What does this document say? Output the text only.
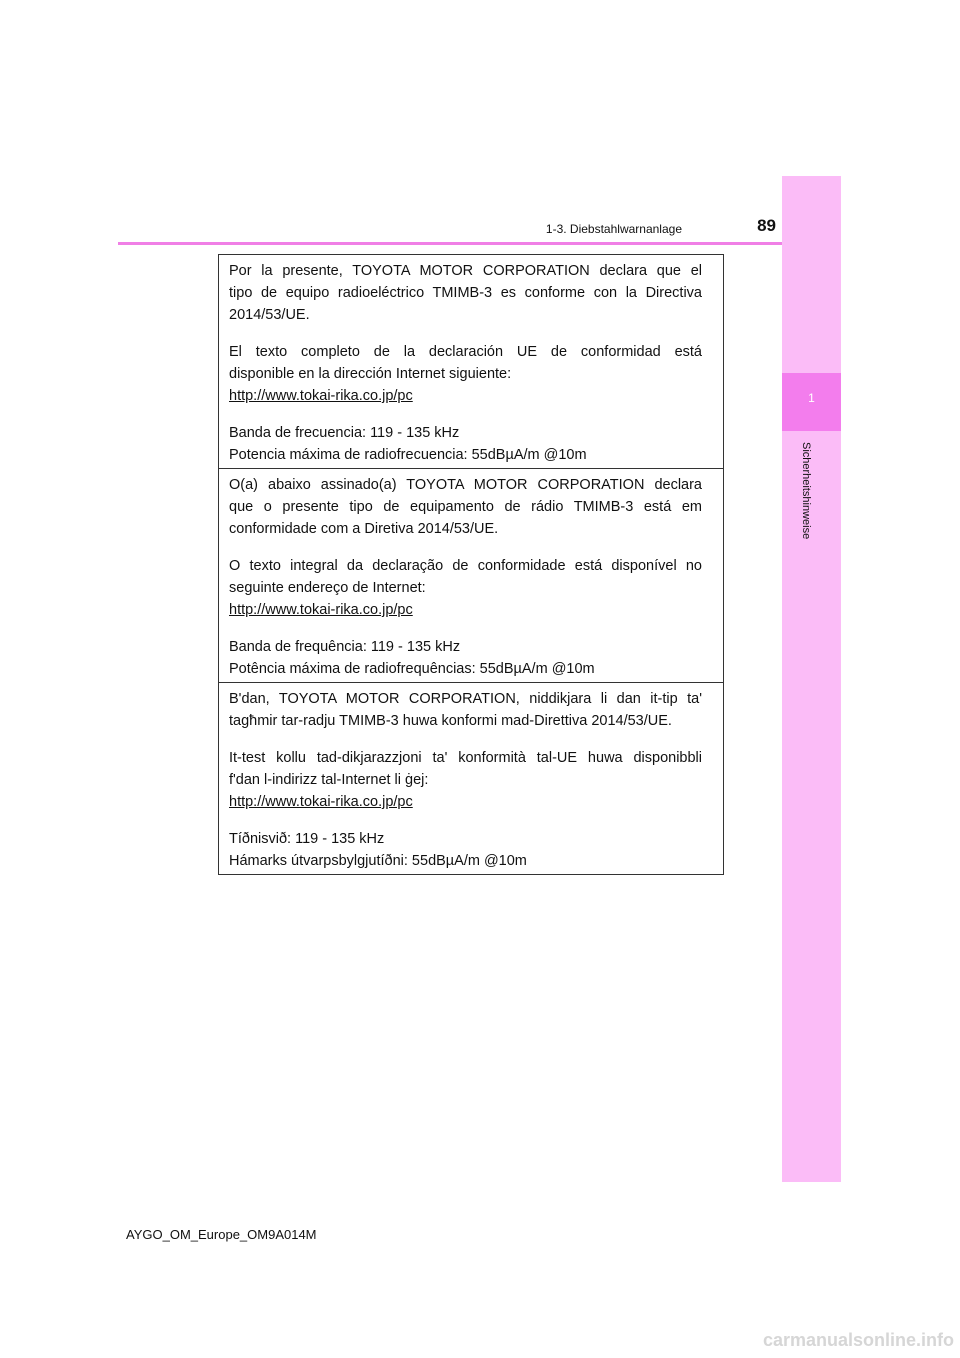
1-3. Diebstahlwarnanlage	89
1
Sicherheitshinweise

Por la presente, TOYOTA MOTOR CORPORATION declara que el

tipo de equipo radioeléctrico TMIMB-3 es conforme con la Directiva

2014/53/UE.

El texto completo de la declaración UE de conformidad está

disponible en la dirección Internet siguiente:

http://www.tokai-rika.co.jp/pc

Banda de frecuencia: 119 - 135 kHz

Potencia máxima de radiofrecuencia: 55dBµA/m @10m

O(a) abaixo assinado(a) TOYOTA MOTOR CORPORATION declara

que o presente tipo de equipamento de rádio TMIMB-3 está em

conformidade com a Diretiva 2014/53/UE.

O texto integral da declaração de conformidade está disponível no

seguinte endereço de Internet:

http://www.tokai-rika.co.jp/pc

Banda de frequência: 119 - 135 kHz

Potência máxima de radiofrequências: 55dBµA/m @10m

B'dan, TOYOTA MOTOR CORPORATION, niddikjara li dan it-tip ta'

tagħmir tar-radju TMIMB-3 huwa konformi mad-Direttiva 2014/53/UE.

It-test kollu tad-dikjarazzjoni ta' konformità tal-UE huwa disponibbli

f'dan l-indirizz tal-Internet li ġej:

http://www.tokai-rika.co.jp/pc

Tíðnisvið: 119 - 135 kHz

Hámarks útvarpsbylgjutíðni: 55dBµA/m @10m

AYGO_OM_Europe_OM9A014M
carmanualsonline.info
